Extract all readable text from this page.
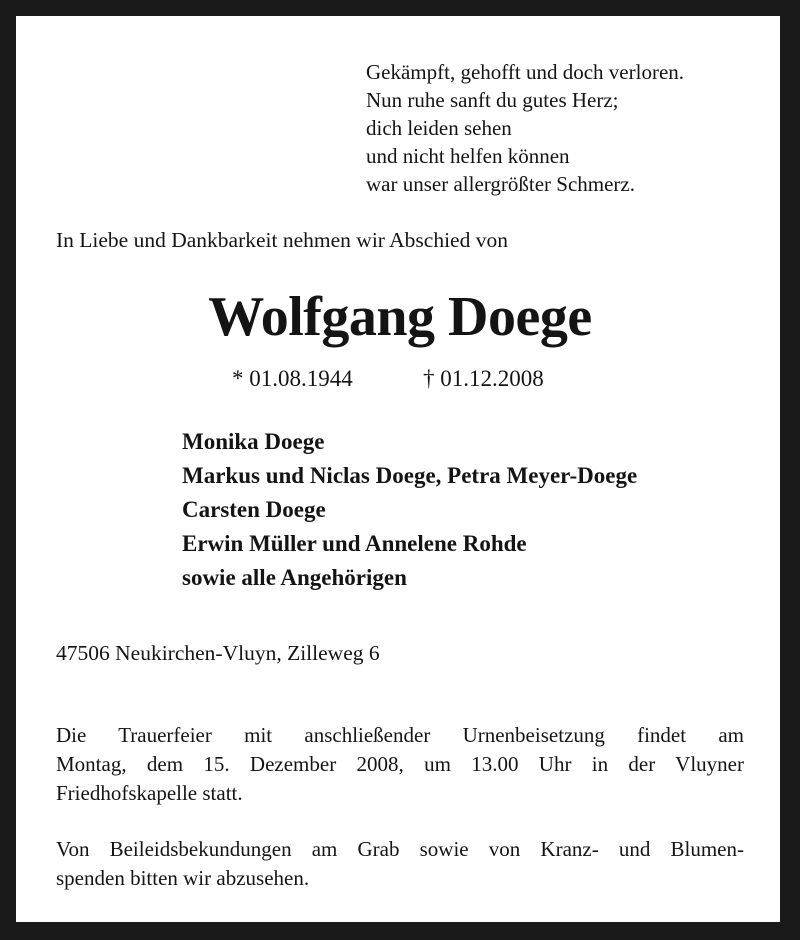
Gekämpft, gehofft und doch verloren.
Nun ruhe sanft du gutes Herz;
dich leiden sehen
und nicht helfen können
war unser allergrößter Schmerz.
In Liebe und Dankbarkeit nehmen wir Abschied von
Wolfgang Doege
* 01.08.1944	† 01.12.2008
Monika Doege
Markus und Niclas Doege, Petra Meyer-Doege
Carsten Doege
Erwin Müller und Annelene Rohde
sowie alle Angehörigen
47506 Neukirchen-Vluyn, Zilleweg 6
Die Trauerfeier mit anschließender Urnenbeisetzung findet am
Montag, dem 15. Dezember 2008, um 13.00 Uhr in der Vluyner
Friedhofskapelle statt.
Von Beileidsbekundungen am Grab sowie von Kranz- und Blumen-
spenden bitten wir abzusehen.
